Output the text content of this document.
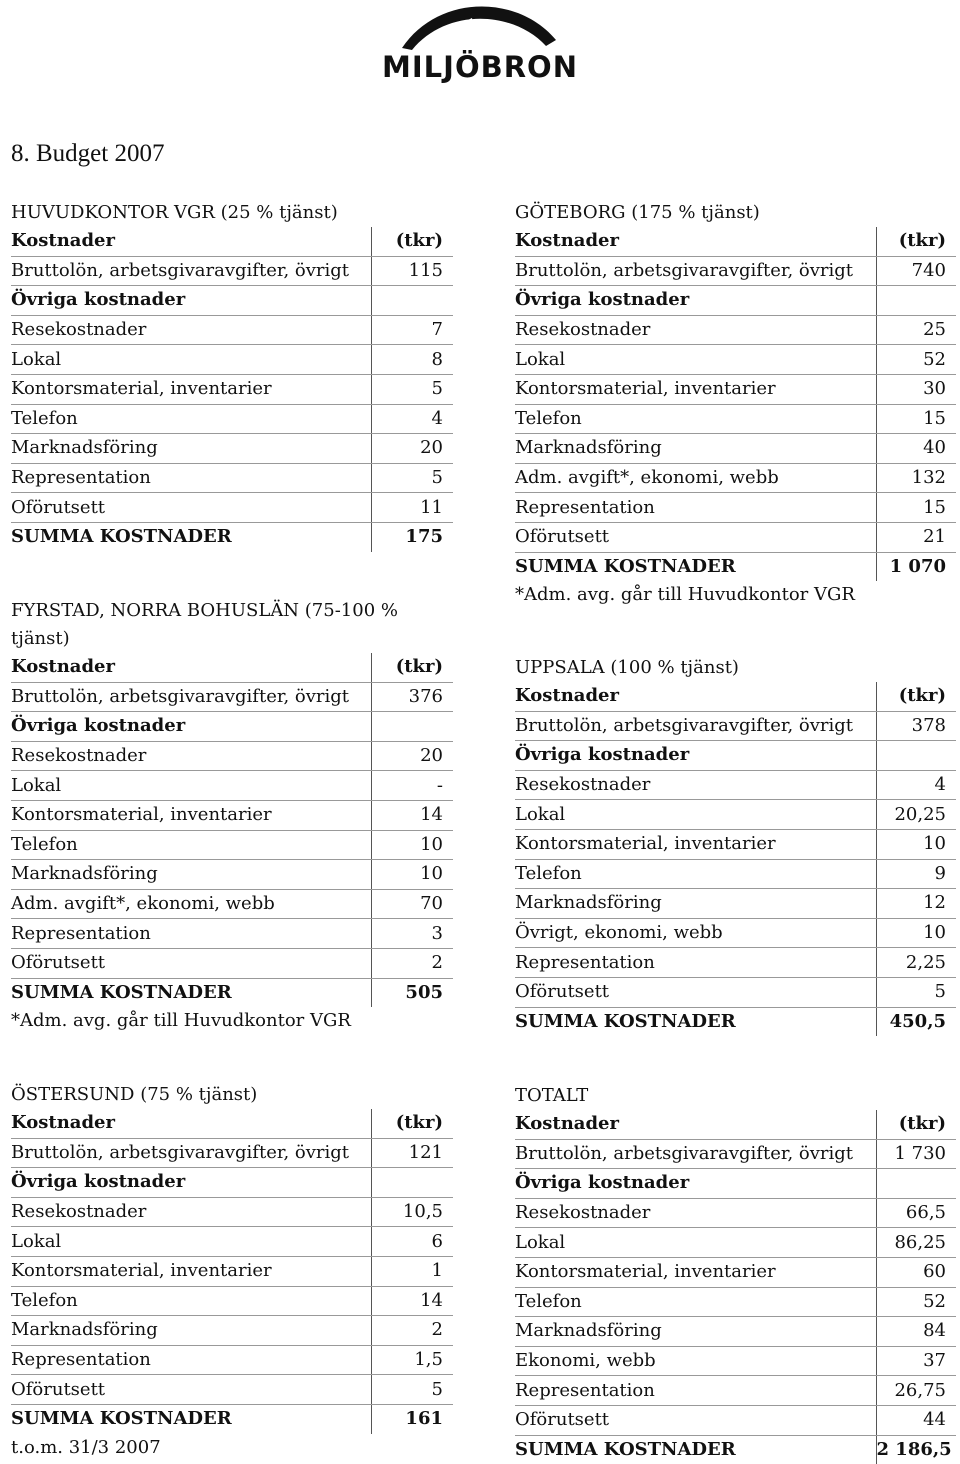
MILJÖBRON
8. Budget 2007
HUVUDKONTOR VGR (25 % tjänst)
Kostnader	(tkr)
Bruttolön, arbetsgivaravgifter, övrigt	115
Övriga kostnader	
Resekostnader	7
Lokal	8
Kontorsmaterial, inventarier	5
Telefon	4
Marknadsföring	20
Representation	5
Oförutsett	11
SUMMA KOSTNADER	175
GÖTEBORG (175 % tjänst)
Kostnader	(tkr)
Bruttolön, arbetsgivaravgifter, övrigt	740
Övriga kostnader	
Resekostnader	25
Lokal	52
Kontorsmaterial, inventarier	30
Telefon	15
Marknadsföring	40
Adm. avgift*, ekonomi, webb	132
Representation	15
Oförutsett	21
SUMMA KOSTNADER	1 070
*Adm. avg. går till Huvudkontor VGR
FYRSTAD, NORRA BOHUSLÄN (75-100 % tjänst)
Kostnader	(tkr)
Bruttolön, arbetsgivaravgifter, övrigt	376
Övriga kostnader	
Resekostnader	20
Lokal	-
Kontorsmaterial, inventarier	14
Telefon	10
Marknadsföring	10
Adm. avgift*, ekonomi, webb	70
Representation	3
Oförutsett	2
SUMMA KOSTNADER	505
*Adm. avg. går till Huvudkontor VGR
UPPSALA (100 % tjänst)
Kostnader	(tkr)
Bruttolön, arbetsgivaravgifter, övrigt	378
Övriga kostnader	
Resekostnader	4
Lokal	20,25
Kontorsmaterial, inventarier	10
Telefon	9
Marknadsföring	12
Övrigt, ekonomi, webb	10
Representation	2,25
Oförutsett	5
SUMMA KOSTNADER	450,5
ÖSTERSUND (75 % tjänst)
Kostnader	(tkr)
Bruttolön, arbetsgivaravgifter, övrigt	121
Övriga kostnader	
Resekostnader	10,5
Lokal	6
Kontorsmaterial, inventarier	1
Telefon	14
Marknadsföring	2
Representation	1,5
Oförutsett	5
SUMMA KOSTNADER	161
t.o.m. 31/3 2007
TOTALT
Kostnader	(tkr)
Bruttolön, arbetsgivaravgifter, övrigt	1 730
Övriga kostnader	
Resekostnader	66,5
Lokal	86,25
Kontorsmaterial, inventarier	60
Telefon	52
Marknadsföring	84
Ekonomi, webb	37
Representation	26,75
Oförutsett	44
SUMMA KOSTNADER	2 186,5
